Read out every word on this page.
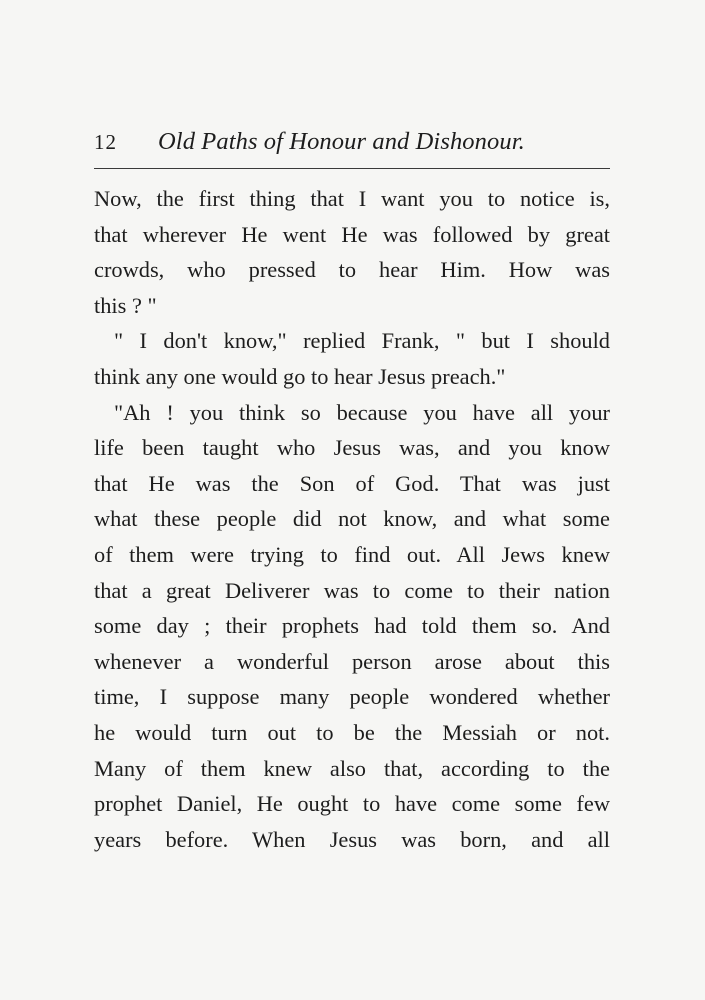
12 Old Paths of Honour and Dishonour.
Now, the first thing that I want you to notice is,
that wherever He went He was followed by great
crowds, who pressed to hear Him. How was
this ? "
" I don't know," replied Frank, " but I should
think any one would go to hear Jesus preach."
"Ah ! you think so because you have all your
life been taught who Jesus was, and you know
that He was the Son of God. That was just
what these people did not know, and what some
of them were trying to find out. All Jews knew
that a great Deliverer was to come to their nation
some day ; their prophets had told them so. And
whenever a wonderful person arose about this
time, I suppose many people wondered whether
he would turn out to be the Messiah or not.
Many of them knew also that, according to the
prophet Daniel, He ought to have come some few
years before. When Jesus was born, and all
